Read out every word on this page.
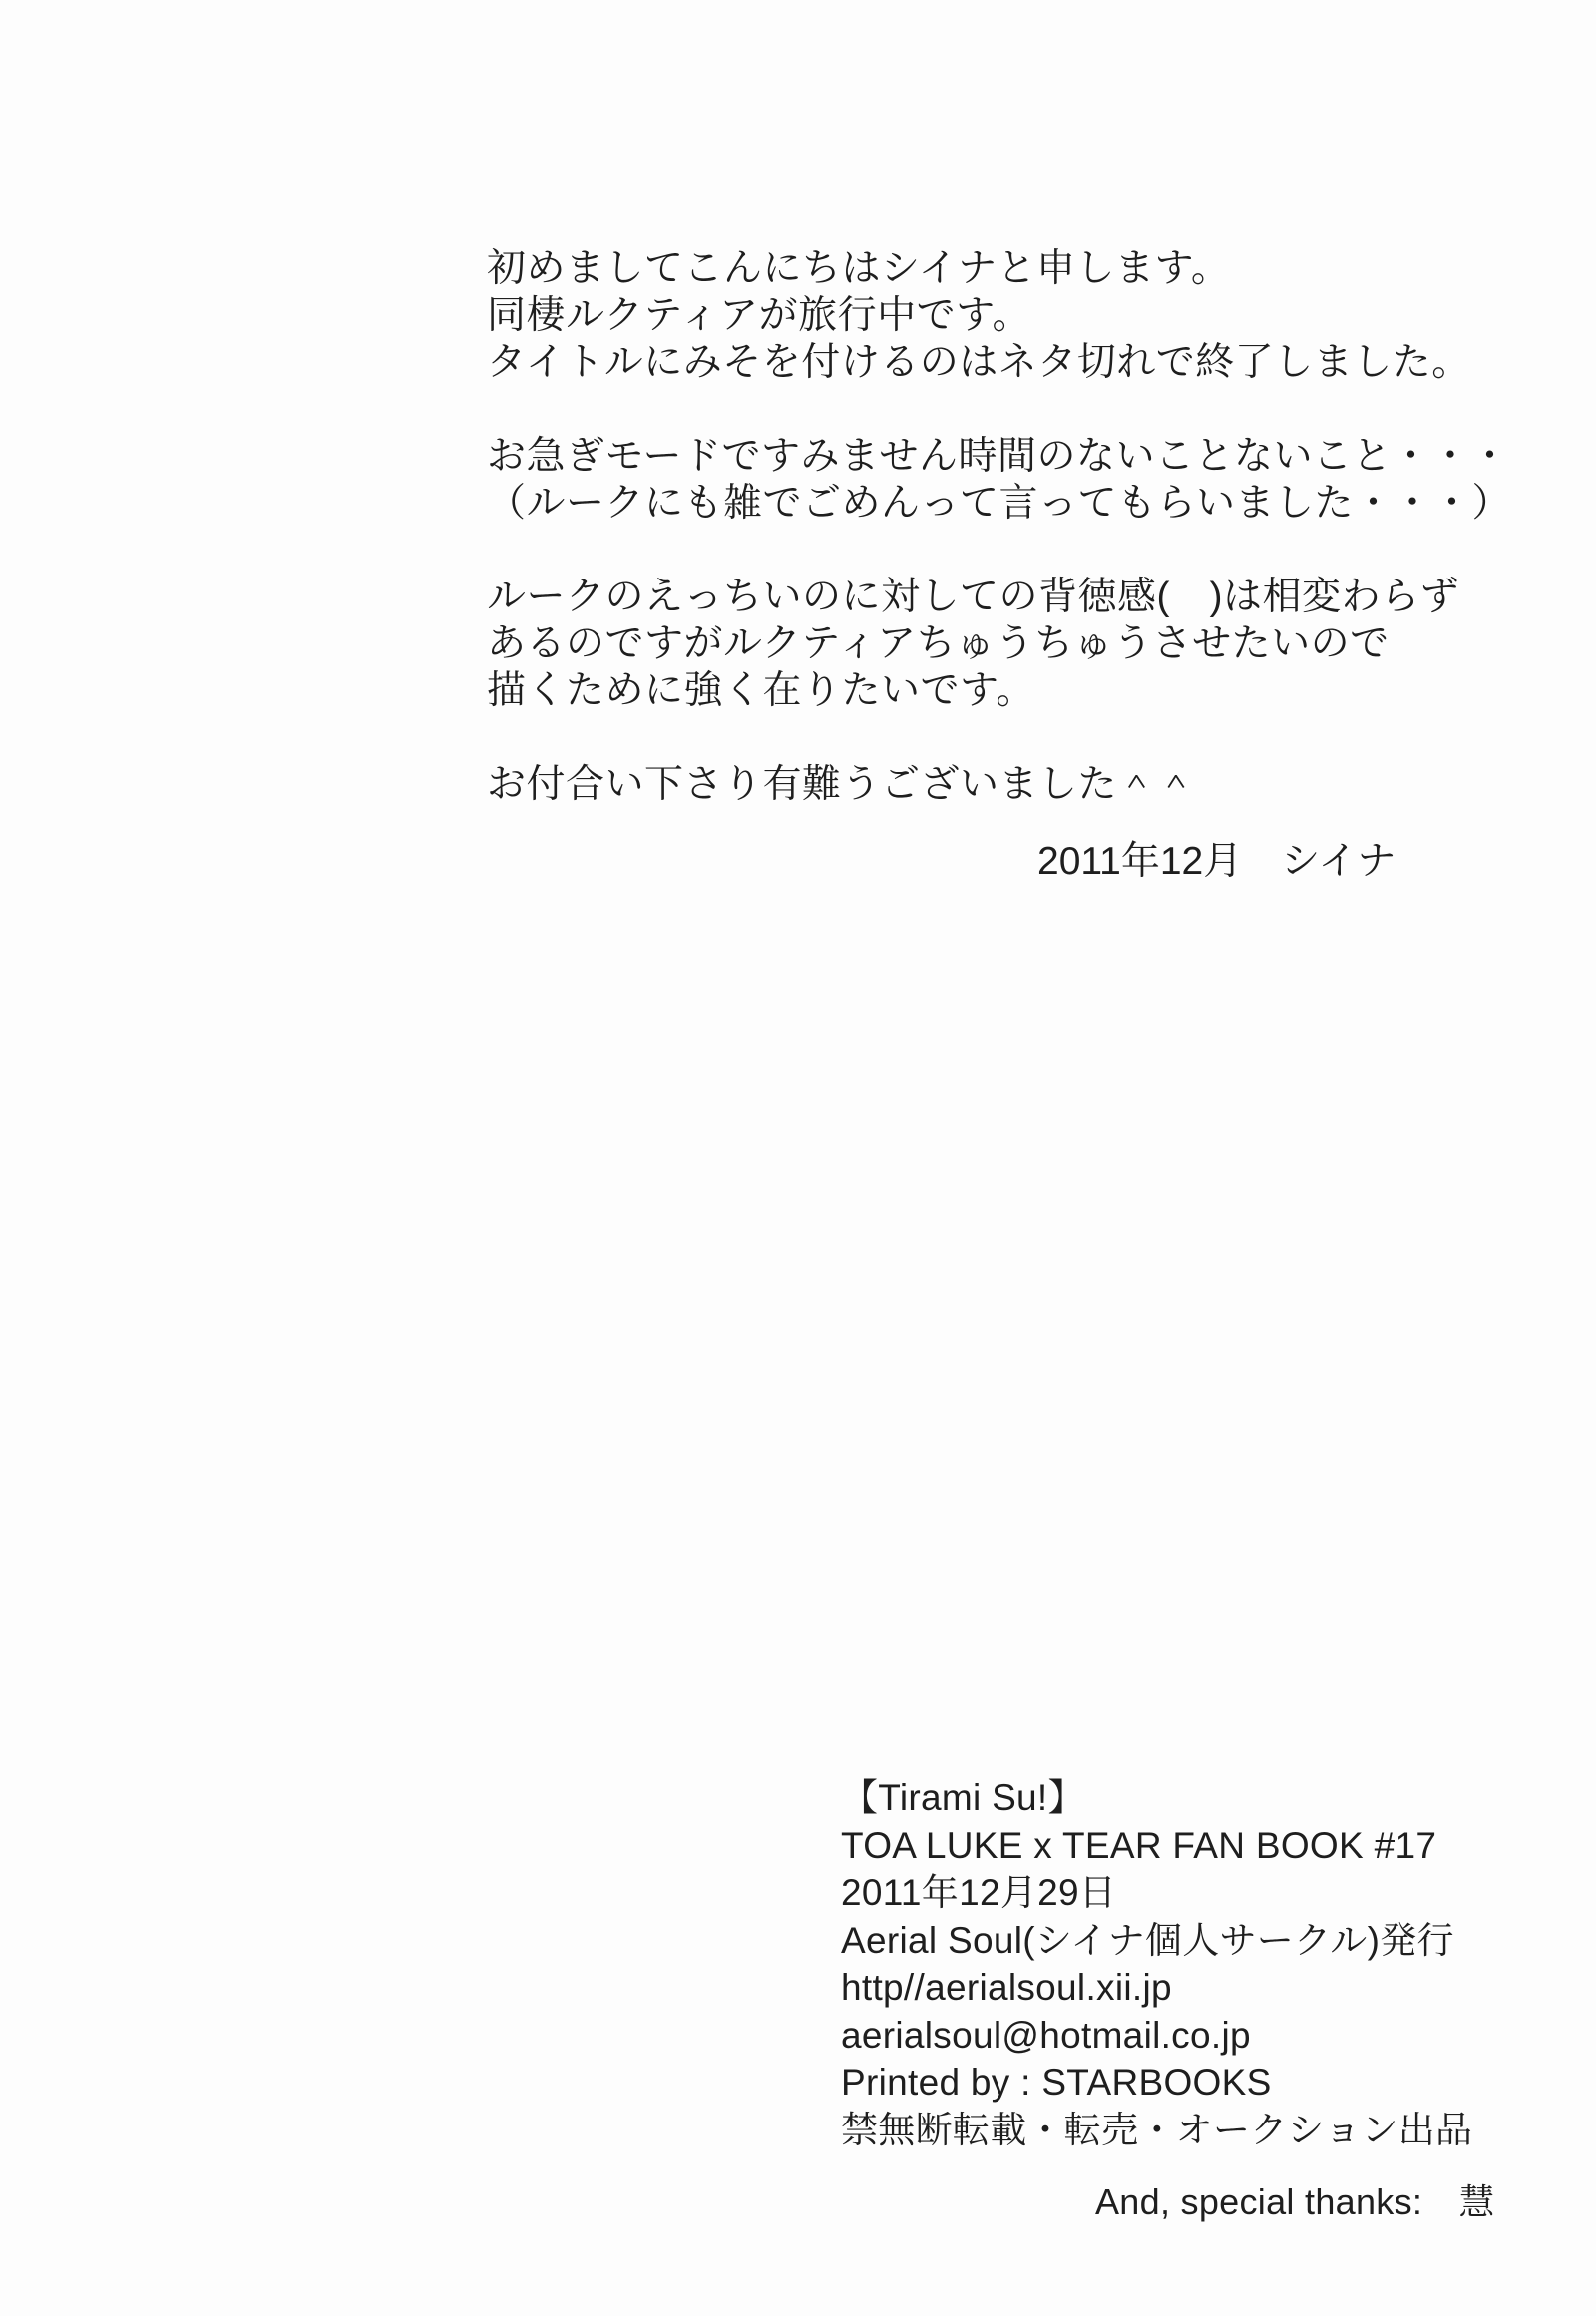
初めましてこんにちはシイナと申します。
同棲ルクティアが旅行中です。
タイトルにみそを付けるのはネタ切れで終了しました。

お急ぎモードですみません時間のないことないこと・・・
（ルークにも雑でごめんって言ってもらいました・・・）

ルークのえっちいのに対しての背徳感(　)は相変わらず
あるのですがルクティアちゅうちゅうさせたいので
描くために強く在りたいです。

お付合い下さり有難うございました＾＾

2011年12月　シイナ
【Tirami Su!】
TOA LUKE x TEAR FAN BOOK #17
2011年12月29日
Aerial Soul(シイナ個人サークル)発行
http//aerialsoul.xii.jp
aerialsoul@hotmail.co.jp
Printed by : STARBOOKS
禁無断転載・転売・オークション出品
And, special thanks:　慧
